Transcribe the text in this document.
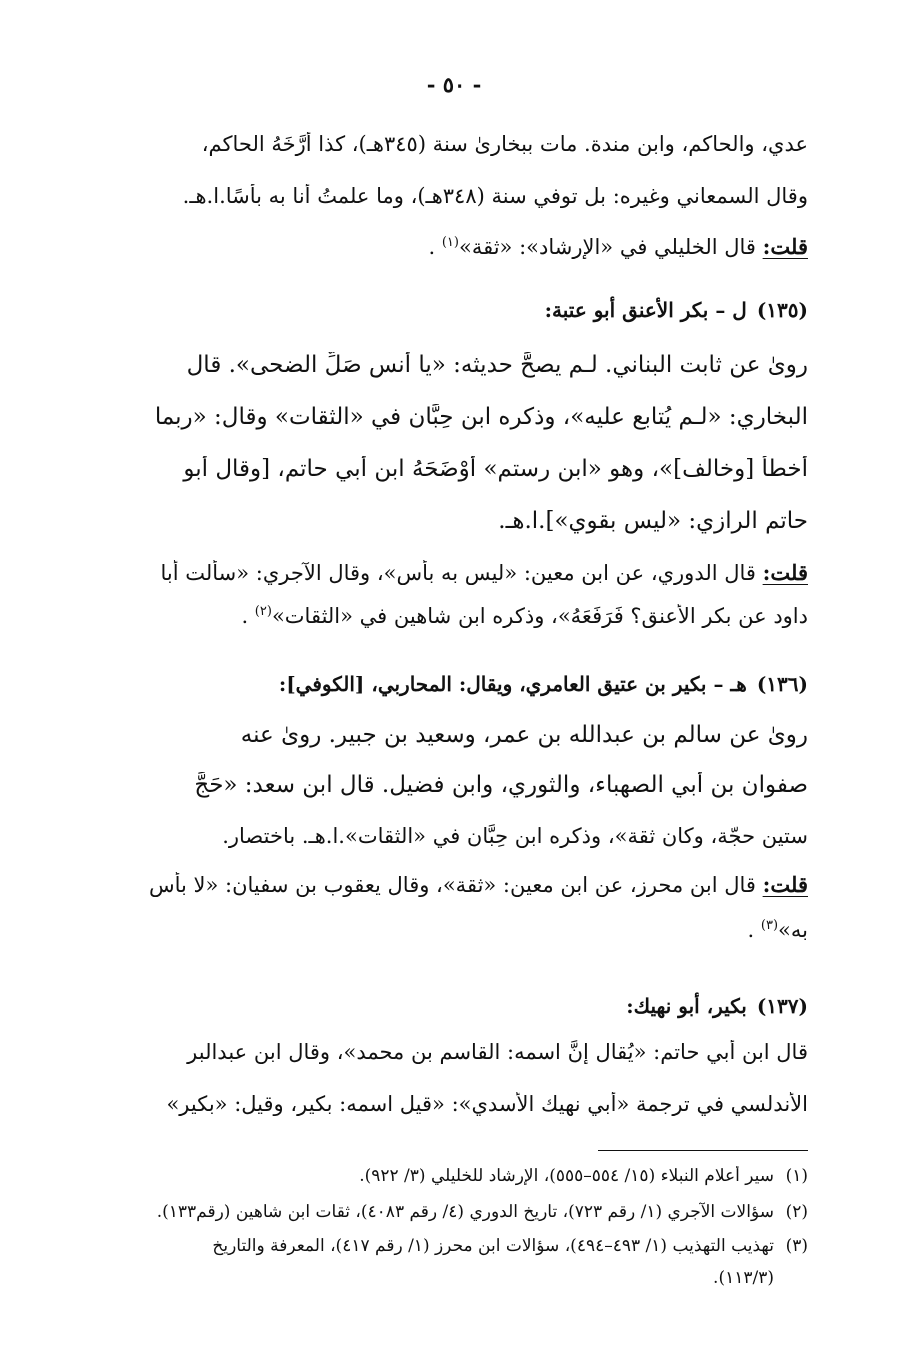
- ٥٠ -
عدي، والحاكم، وابن مندة. مات ببخارىٰ سنة (٣٤٥هـ)، كذا أرَّخَهُ الحاكم،
وقال السمعاني وغيره: بل توفي سنة (٣٤٨هـ)، وما علمتُ أنا به بأسًا.ا.هـ.
قلت: قال الخليلي في «الإرشاد»: «ثقة»$^{(١)}$ .
(١٣٥)ل – بكر الأعنق أبو عتبة:
رویٰ عن ثابت البناني. لـم يصحَّ حديثه: «يا أنس صَلِّ الضحى». قال
البخاري: «لـم يُتابع عليه»، وذكره ابن حِبَّان في «الثقات» وقال: «ربما
أخطأ [وخالف]»، وهو «ابن رستم» أَوْضَحَهُ ابن أبي حاتم، [وقال أبو
حاتم الرازي: «ليس بقوي»].ا.هـ.
قلت: قال الدوري، عن ابن معين: «ليس به بأس»، وقال الآجري: «سألت أبا
داود عن بكر الأعنق؟ فَرَفَعَهُ»، وذكره ابن شاهين في «الثقات»$^{(٢)}$ .
(١٣٦)هـ – بكير بن عتيق العامري، ويقال: المحاربي، [الكوفي]:
رویٰ عن سالم بن عبدالله بن عمر، وسعيد بن جبير. رویٰ عنه
صفوان بن أبي الصهباء، والثوري، وابن فضيل. قال ابن سعد: «حَجَّ
ستين حجّة، وكان ثقة»، وذكره ابن حِبَّان في «الثقات».ا.هـ. باختصار.
قلت: قال ابن محرز، عن ابن معين: «ثقة»، وقال يعقوب بن سفيان: «لا بأس
به»$^{(٣)}$ .
(١٣٧)بكير، أبو نهيك:
قال ابن أبي حاتم: «يُقال إنَّ اسمه: القاسم بن محمد»، وقال ابن عبدالبر
الأندلسي في ترجمة «أبي نهيك الأسدي»: «قيل اسمه: بكير، وقيل: «بكير»
(١)سير أعلام النبلاء (١٥/ ٥٥٤–٥٥٥)، الإرشاد للخليلي (٣/ ٩٢٢).
(٢)سؤالات الآجري (١/ رقم ٧٢٣)، تاريخ الدوري (٤/ رقم ٤٠٨٣)، ثقات ابن شاهين (رقم١٣٣).
(٣)تهذيب التهذيب (١/ ٤٩٣–٤٩٤)، سؤالات ابن محرز (١/ رقم ٤١٧)، المعرفة والتاريخ
(١١٣/٣).
